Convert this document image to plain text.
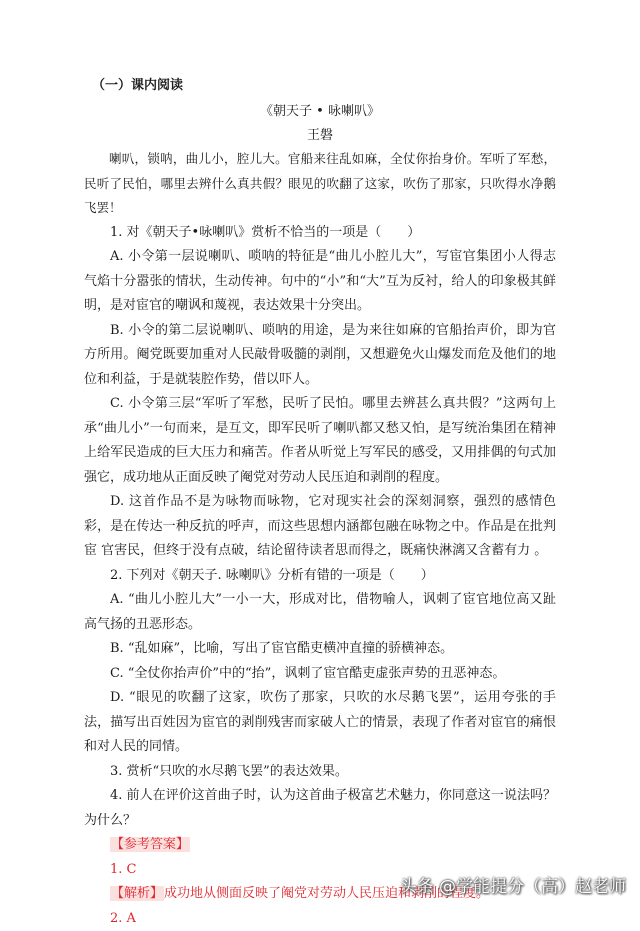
（一）课内阅读
《朝天子 • 咏喇叭》
王磐

喇叭，锁呐，曲儿小，腔儿大。官船来往乱如麻，全仗你抬身价。军听了军愁，民听了民怕，哪里去辨什么真共假？眼见的吹翻了这家，吹伤了那家，只吹得水净鹅飞罢！

1. 对《朝天子•咏喇叭》赏析不恰当的一项是（　　）

A. 小令第一层说喇叭、唢呐的特征是“曲儿小腔儿大”，写宦官集团小人得志气焰十分嚣张的情状，生动传神。句中的“小”和“大”互为反衬，给人的印象极其鲜明，是对宦官的嘲讽和蔑视，表达效果十分突出。

B. 小令的第二层说喇叭、唢呐的用途，是为来往如麻的官船抬声价，即为官方所用。阉党既要加重对人民敲骨吸髓的剥削，又想避免火山爆发而危及他们的地位和利益，于是就装腔作势，借以吓人。

C. 小令第三层“军听了军愁，民听了民怕。哪里去辨甚么真共假？”这两句上承“曲儿小”一句而来，是互文，即军民听了喇叭都又愁又怕，是写统治集团在精神上给军民造成的巨大压力和痛苦。作者从听觉上写军民的感受，又用排偶的句式加强它，成功地从正面反映了阉党对劳动人民压迫和剥削的程度。

D. 这首作品不是为咏物而咏物，它对现实社会的深刻洞察，强烈的感情色彩，是在传达一种反抗的呼声，而这些思想内涵都包融在咏物之中。作品是在批判宦 官害民，但终于没有点破，结论留待读者思而得之，既痛快淋漓又含蓄有力 。

2. 下列对《朝天子. 咏喇叭》分析有错的一项是（　　）

A. “曲儿小腔儿大”一小一大，形成对比，借物喻人，讽刺了宦官地位高又趾高气扬的丑恶形态。

B. “乱如麻”，比喻，写出了宦官酷吏横冲直撞的骄横神态。

C. “全仗你抬声价”中的“抬”，讽刺了宦官酷吏虚张声势的丑恶神态。

D. “眼见的吹翻了这家，吹伤了那家，只吹的水尽鹅飞罢”，运用夸张的手法，描写出百姓因为宦官的剥削残害而家破人亡的情景，表现了作者对宦官的痛恨和对人民的同情。

3. 赏析“只吹的水尽鹅飞罢”的表达效果。

4. 前人在评价这首曲子时，认为这首曲子极富艺术魅力，你同意这一说法吗？为什么？

【参考答案】

1. C

【解析】成功地从侧面反映了阉党对劳动人民压迫和剥削的程度。

2. A

头条 @学能提分（高）赵老师
